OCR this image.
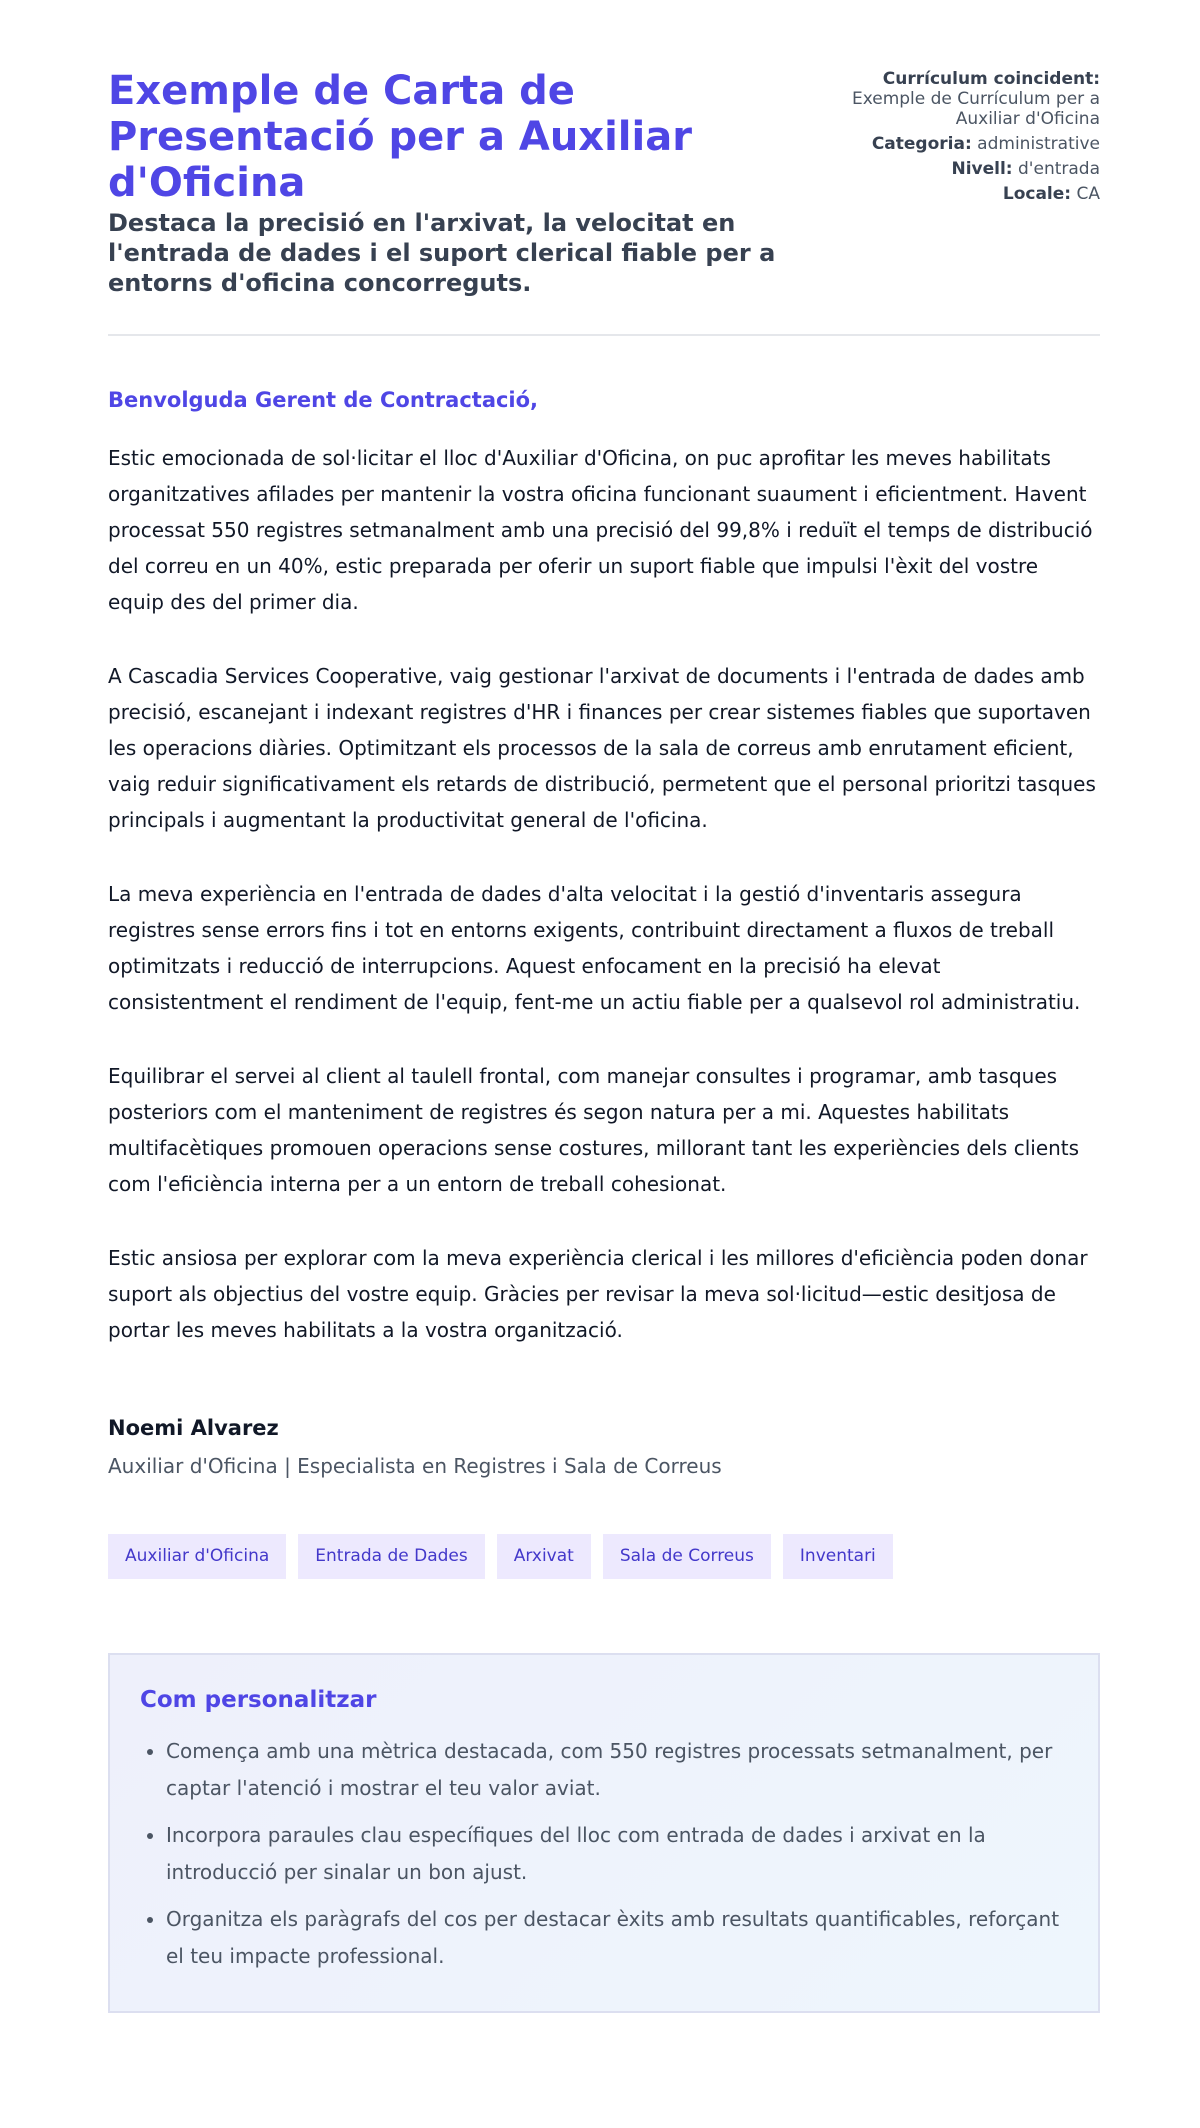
Exemple de Carta de Presentació per a Auxiliar d'Oficina
Destaca la precisió en l'arxivat, la velocitat en l'entrada de dades i el suport clerical fiable per a entorns d'oficina concorreguts.
Currículum coincident:
Exemple de Currículum per a Auxiliar d'Oficina
Categoria: administrative
Nivell: d'entrada
Locale: CA
Benvolguda Gerent de Contractació,

Estic emocionada de sol·licitar el lloc d'Auxiliar d'Oficina, on puc aprofitar les meves habilitats organitzatives afilades per mantenir la vostra oficina funcionant suaument i eficientment. Havent processat 550 registres setmanalment amb una precisió del 99,8% i reduït el temps de distribució del correu en un 40%, estic preparada per oferir un suport fiable que impulsi l'èxit del vostre equip des del primer dia.

A Cascadia Services Cooperative, vaig gestionar l'arxivat de documents i l'entrada de dades amb precisió, escanejant i indexant registres d'HR i finances per crear sistemes fiables que suportaven les operacions diàries. Optimitzant els processos de la sala de correus amb enrutament eficient, vaig reduir significativament els retards de distribució, permetent que el personal prioritzi tasques principals i augmentant la productivitat general de l'oficina.

La meva experiència en l'entrada de dades d'alta velocitat i la gestió d'inventaris assegura registres sense errors fins i tot en entorns exigents, contribuint directament a fluxos de treball optimitzats i reducció de interrupcions. Aquest enfocament en la precisió ha elevat consistentment el rendiment de l'equip, fent-me un actiu fiable per a qualsevol rol administratiu.

Equilibrar el servei al client al taulell frontal, com manejar consultes i programar, amb tasques posteriors com el manteniment de registres és segon natura per a mi. Aquestes habilitats multifacètiques promouen operacions sense costures, millorant tant les experiències dels clients com l'eficiència interna per a un entorn de treball cohesionat.

Estic ansiosa per explorar com la meva experiència clerical i les millores d'eficiència poden donar suport als objectius del vostre equip. Gràcies per revisar la meva sol·licitud—estic desitjosa de portar les meves habilitats a la vostra organització.

Noemi Alvarez
Auxiliar d'Oficina | Especialista en Registres i Sala de Correus
Auxiliar d'Oficina	Entrada de Dades	Arxivat	Sala de Correus	Inventari
Com personalitzar
• Comença amb una mètrica destacada, com 550 registres processats setmanalment, per captar l'atenció i mostrar el teu valor aviat.
• Incorpora paraules clau específiques del lloc com entrada de dades i arxivat en la introducció per sinalar un bon ajust.
• Organitza els paràgrafs del cos per destacar èxits amb resultats quantificables, reforçant el teu impacte professional.
